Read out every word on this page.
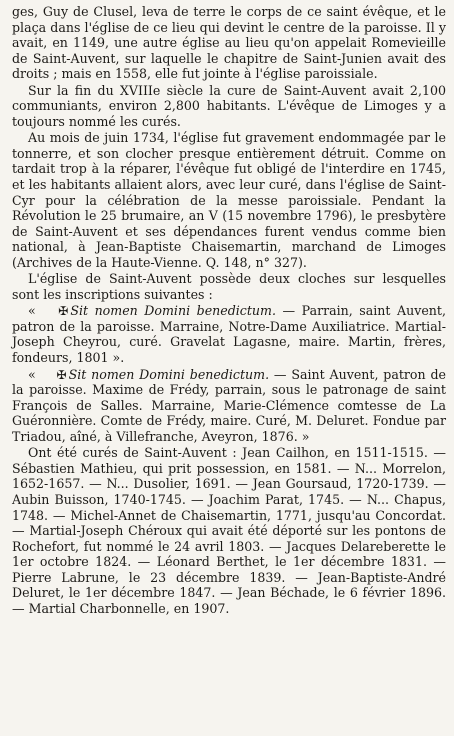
ges, Guy de Clusel, leva de terre le corps de ce saint évêque, et le plaça dans l'église de ce lieu qui devint le centre de la paroisse. Il y avait, en 1149, une autre église au lieu qu'on appelait Romevieille de Saint-Auvent, sur laquelle le chapitre de Saint-Junien avait des droits ; mais en 1558, elle fut jointe à l'église paroissiale.

Sur la fin du XVIIIe siècle la cure de Saint-Auvent avait 2,100 communiants, environ 2,800 habitants. L'évêque de Limoges y a toujours nommé les curés.

Au mois de juin 1734, l'église fut gravement endommagée par le tonnerre, et son clocher presque entièrement détruit. Comme on tardait trop à la réparer, l'évêque fut obligé de l'interdire en 1745, et les habitants allaient alors, avec leur curé, dans l'église de Saint-Cyr pour la célébration de la messe paroissiale. Pendant la Révolution le 25 brumaire, an V (15 novembre 1796), le presbytère de Saint-Auvent et ses dépendances furent vendus comme bien national, à Jean-Baptiste Chaisemartin, marchand de Limoges (Archives de la Haute-Vienne. Q. 148, n° 327).

L'église de Saint-Auvent possède deux cloches sur lesquelles sont les inscriptions suivantes :

« ✠ Sit nomen Domini benedictum. — Parrain, saint Auvent, patron de la paroisse. Marraine, Notre-Dame Auxiliatrice. Martial-Joseph Cheyrou, curé. Gravelat Lagasne, maire. Martin, frères, fondeurs, 1801 ».

« ✠ Sit nomen Domini benedictum. — Saint Auvent, patron de la paroisse. Maxime de Frédy, parrain, sous le patronage de saint François de Salles. Marraine, Marie-Clémence comtesse de La Guéronnière. Comte de Frédy, maire. Curé, M. Deluret. Fondue par Triadou, aîné, à Villefranche, Aveyron, 1876. »

Ont été curés de Saint-Auvent : Jean Cailhon, en 1511-1515. — Sébastien Mathieu, qui prit possession, en 1581. — N... Morrelon, 1652-1657. — N... Dusolier, 1691. — Jean Goursaud, 1720-1739. — Aubin Buisson, 1740-1745. — Joachim Parat, 1745. — N... Chapus, 1748. — Michel-Annet de Chaisemartin, 1771, jusqu'au Concordat. — Martial-Joseph Chéroux qui avait été déporté sur les pontons de Rochefort, fut nommé le 24 avril 1803. — Jacques Delareberette le 1er octobre 1824. — Léonard Berthet, le 1er décembre 1831. — Pierre Labrune, le 23 décembre 1839. — Jean-Baptiste-André Deluret, le 1er décembre 1847. — Jean Béchade, le 6 février 1896. — Martial Charbonnelle, en 1907.
